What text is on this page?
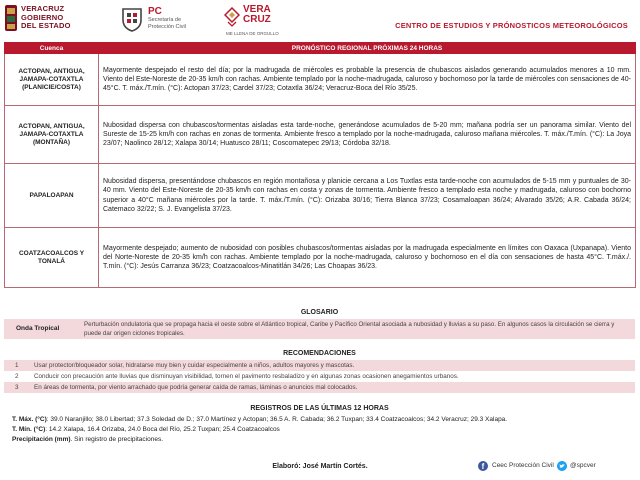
VERACRUZ
GOBIERNO
DEL ESTADO
PC
Secretaría de
Protección Civil
VERA
CRUZ
ME LLENA DE ORGULLO
CENTRO DE ESTUDIOS Y PRÓNOSTICOS METEOROLÓGICOS
Cuenca	PRONÓSTICO REGIONAL PRÓXIMAS 24 HORAS
ACTOPAN, ANTIGUA, JAMAPA-COTAXTLA (PLANICIE/COSTA)	Mayormente despejado el resto del día; por la madrugada de miércoles es probable la presencia de chubascos aislados generando acumulados menores a 10 mm. Viento del Este-Noreste de 20-35 km/h con rachas. Ambiente templado por la noche-madrugada, caluroso y bochornoso por la tarde de miércoles con sensaciones de 40-45°C. T. máx./T.mín. (°C): Actopan 37/23; Cardel 37/23; Cotaxtla 36/24; Veracruz-Boca del Río 35/25.
ACTOPAN, ANTIGUA, JAMAPA-COTAXTLA (MONTAÑA)	Nubosidad dispersa con chubascos/tormentas aisladas esta tarde-noche, generándose acumulados de 5-20 mm; mañana podría ser un panorama similar. Viento del Sureste de 15-25 km/h con rachas en zonas de tormenta. Ambiente fresco a templado por la noche-madrugada, caluroso mañana miércoles. T. máx./T.mín. (°C): La Joya 23/07; Naolinco 28/12; Xalapa 30/14; Huatusco 28/11; Coscomatepec 29/13; Córdoba 32/18.
PAPALOAPAN	Nubosidad dispersa, presentándose chubascos en región montañosa y planicie cercana a Los Tuxtlas esta tarde-noche con acumulados de 5-15 mm y puntuales de 30-40 mm. Viento del Este-Noreste de 20-35 km/h con rachas en costa y zonas de tormenta. Ambiente fresco a templado esta noche y madrugada, caluroso con bochorno superior a 40°C mañana miércoles por la tarde. T. máx./T.mín. (°C): Orizaba 30/16; Tierra Blanca 37/23; Cosamaloapan 36/24; Alvarado 35/26; A.R. Cabada 36/24; Catemaco 32/22; S. J. Evangelista 37/23.
COATZACOALCOS Y TONALÁ	Mayormente despejado; aumento de nubosidad con posibles chubascos/tormentas aisladas por la madrugada especialmente en límites con Oaxaca (Uxpanapa). Viento del Norte-Noreste de 20-35 km/h con rachas. Ambiente templado por la noche-madrugada, caluroso y bochornoso en el día con sensaciones de hasta 45°C. T.máx./. T.mín. (°C): Jesús Carranza 36/23; Coatzacoalcos-Minatitlán 34/26; Las Choapas 36/23.
GLOSARIO
Onda Tropical
Perturbación ondulatoria que se propaga hacia el oeste sobre el Atlántico tropical, Caribe y Pacífico Oriental asociada a nubosidad y lluvias a su paso. En algunos casos la circulación se cierra y puede dar origen ciclones tropicales.
RECOMENDACIONES
1 Usar protector/bloqueador solar, hidratarse muy bien y cuidar especialmente a niños, adultos mayores y mascotas.
2 Conducir con precaución ante lluvias que disminuyan visibilidad, tornen el pavimento resbaladizo y en algunas zonas ocasionen anegamientos urbanos.
3 En áreas de tormenta, por viento arrachado que podría generar caída de ramas, láminas o anuncios mal colocados.
REGISTROS DE LAS ÚLTIMAS 12 HORAS
T. Máx. (°C): 39.0 Naranjillo; 38.0 Libertad; 37.3 Soledad de D.; 37.0 Martínez y Actopan; 36.5 A. R. Cabada; 36.2 Tuxpan; 33.4 Coatzacoalcos; 34.2 Veracruz; 29.3 Xalapa.
T. Mín. (°C): 14.2 Xalapa, 16.4 Orizaba, 24.0 Boca del Río, 25.2 Tuxpan; 25.4 Coatzacoalcos
Precipitación (mm). Sin registro de precipitaciones.
Elaboró: José Martín Cortés.	f	Ceec Protección Civil @spcver
